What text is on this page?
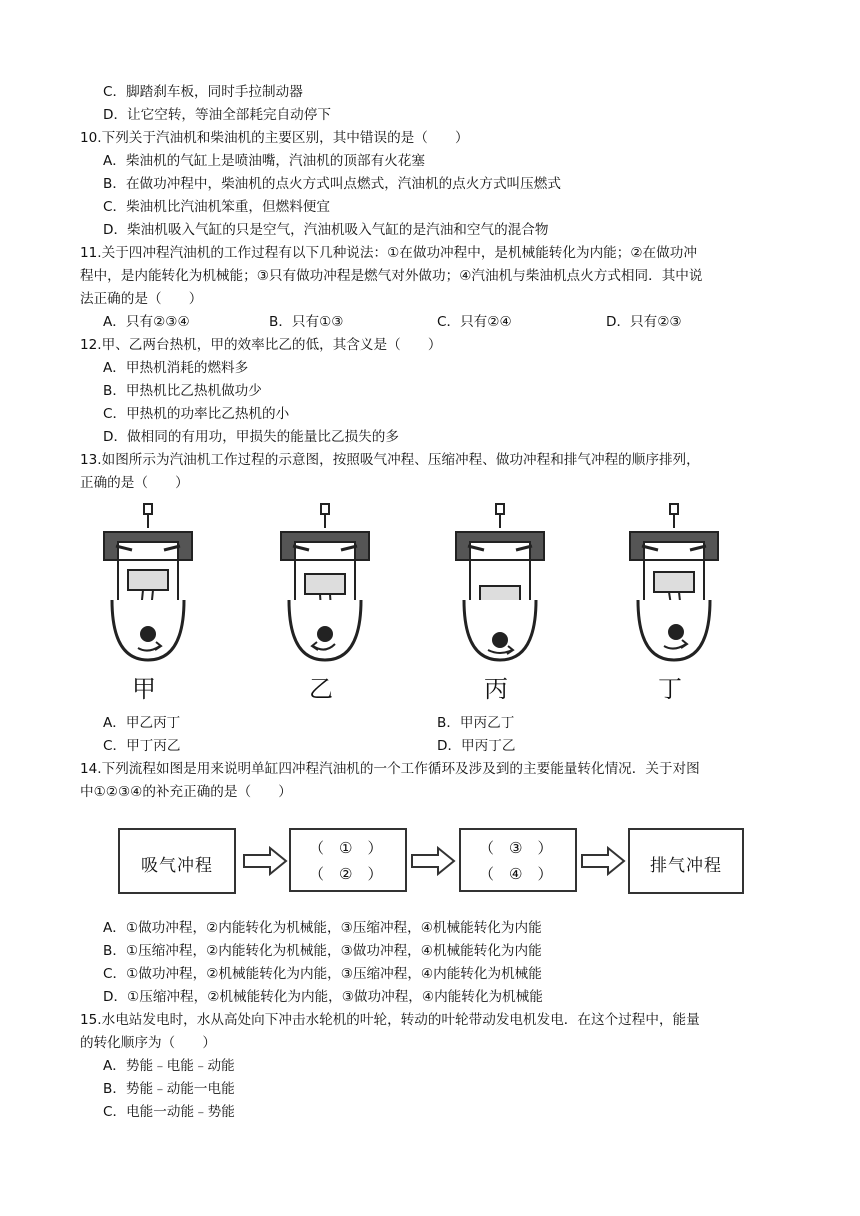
C．脚踏刹车板，同时手拉制动器
D．让它空转，等油全部耗完自动停下
10.下列关于汽油机和柴油机的主要区别，其中错误的是（　　）
A．柴油机的气缸上是喷油嘴，汽油机的顶部有火花塞
B．在做功冲程中，柴油机的点火方式叫点燃式，汽油机的点火方式叫压燃式
C．柴油机比汽油机笨重，但燃料便宜
D．柴油机吸入气缸的只是空气，汽油机吸入气缸的是汽油和空气的混合物
11.关于四冲程汽油机的工作过程有以下几种说法：①在做功冲程中，是机械能转化为内能；②在做功冲
程中，是内能转化为机械能；③只有做功冲程是燃气对外做功；④汽油机与柴油机点火方式相同．其中说
法正确的是（　　）
A．只有②③④	B．只有①③	C．只有②④	D．只有②③
12.甲、乙两台热机，甲的效率比乙的低，其含义是（　　）
A．甲热机消耗的燃料多
B．甲热机比乙热机做功少
C．甲热机的功率比乙热机的小
D．做相同的有用功，甲损失的能量比乙损失的多
13.如图所示为汽油机工作过程的示意图，按照吸气冲程、压缩冲程、做功冲程和排气冲程的顺序排列，
正确的是（　　）
甲	乙	丙	丁
A．甲乙丙丁	B．甲丙乙丁
C．甲丁丙乙	D．甲丙丁乙
14.下列流程如图是用来说明单缸四冲程汽油机的一个工作循环及涉及到的主要能量转化情况．关于对图
中①②③④的补充正确的是（　　）
吸气冲程
（　①　）
（　②　）
（　③　）
（　④　）	排气冲程
A．①做功冲程，②内能转化为机械能，③压缩冲程，④机械能转化为内能
B．①压缩冲程，②内能转化为机械能，③做功冲程，④机械能转化为内能
C．①做功冲程，②机械能转化为内能，③压缩冲程，④内能转化为机械能
D．①压缩冲程，②机械能转化为内能，③做功冲程，④内能转化为机械能
15.水电站发电时，水从高处向下冲击水轮机的叶轮，转动的叶轮带动发电机发电．在这个过程中，能量
的转化顺序为（　　）
A．势能﹣电能﹣动能
B．势能﹣动能一电能
C．电能一动能﹣势能
